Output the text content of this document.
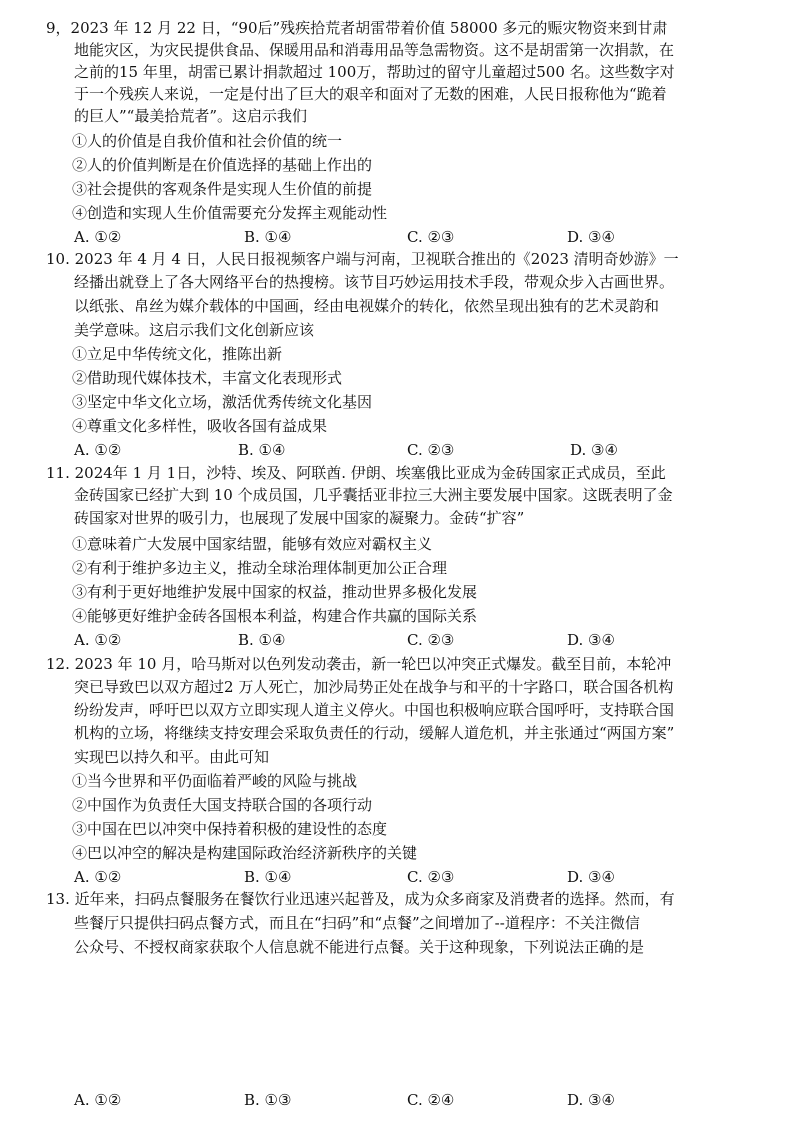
9，2023 年 12 月 22 日，“90后”残疾拾荒者胡雷带着价值 58000 多元的赈灾物资来到甘肃
地能灾区，为灾民提供食品、保暖用品和消毒用品等急需物资。这不是胡雷第一次捐款，在
之前的15 年里，胡雷已累计捐款超过 100万，帮助过的留守儿童超过500 名。这些数字对
于一个残疾人来说，一定是付出了巨大的艰辛和面对了无数的困难，人民日报称他为“跪着
的巨人”“最美拾荒者”。这启示我们
①人的价值是自我价值和社会价值的统一
②人的价值判断是在价值选择的基础上作出的
③社会提供的客观条件是实现人生价值的前提
④创造和实现人生价值需要充分发挥主观能动性
A. ①②	B. ①④	C. ②③	D. ③④
10. 2023 年 4 月 4 日，人民日报视频客户端与河南，卫视联合推出的《2023 清明奇妙游》一
经播出就登上了各大网络平台的热搜榜。该节目巧妙运用技术手段，带观众步入古画世界。
以纸张、帛丝为媒介载体的中国画，经由电视媒介的转化，依然呈现出独有的艺术灵韵和
美学意味。这启示我们文化创新应该
①立足中华传统文化，推陈出新
②借助现代媒体技术，丰富文化表现形式
③坚定中华文化立场，激活优秀传统文化基因
④尊重文化多样性，吸收各国有益成果
A. ①②	B. ①④	C. ②③	D. ③④
11. 2024年 1 月 1日，沙特、埃及、阿联酋. 伊朗、埃塞俄比亚成为金砖国家正式成员，至此
金砖国家已经扩大到 10 个成员国，几乎囊括亚非拉三大洲主要发展中国家。这既表明了金
砖国家对世界的吸引力，也展现了发展中国家的凝聚力。金砖“扩容”
①意味着广大发展中国家结盟，能够有效应对霸权主义
②有利于维护多边主义，推动全球治理体制更加公正合理
③有利于更好地维护发展中国家的权益，推动世界多极化发展
④能够更好维护金砖各国根本利益，构建合作共赢的国际关系
A. ①②	B. ①④	C. ②③	D. ③④
12. 2023 年 10 月，哈马斯对以色列发动袭击，新一轮巴以冲突正式爆发。截至目前，本轮冲
突已导致巴以双方超过2 万人死亡，加沙局势正处在战争与和平的十字路口，联合国各机构
纷纷发声，呼吁巴以双方立即实现人道主义停火。中国也积极响应联合国呼吁，支持联合国
机构的立场，将继续支持安理会采取负责任的行动，缓解人道危机，并主张通过“两国方案”
实现巴以持久和平。由此可知
①当今世界和平仍面临着严峻的风险与挑战
②中国作为负责任大国支持联合国的各项行动
③中国在巴以冲突中保持着积极的建设性的态度
④巴以冲空的解决是构建国际政治经济新秩序的关键
A. ①②	B. ①④	C. ②③	D. ③④
13. 近年来，扫码点餐服务在餐饮行业迅速兴起普及，成为众多商家及消费者的选择。然而，有
些餐厅只提供扫码点餐方式，而且在“扫码”和“点餐”之间增加了--道程序：不关注微信
公众号、不授权商家获取个人信息就不能进行点餐。关于这种现象，下列说法正确的是
A. ①②	B. ①③	C. ②④	D. ③④
